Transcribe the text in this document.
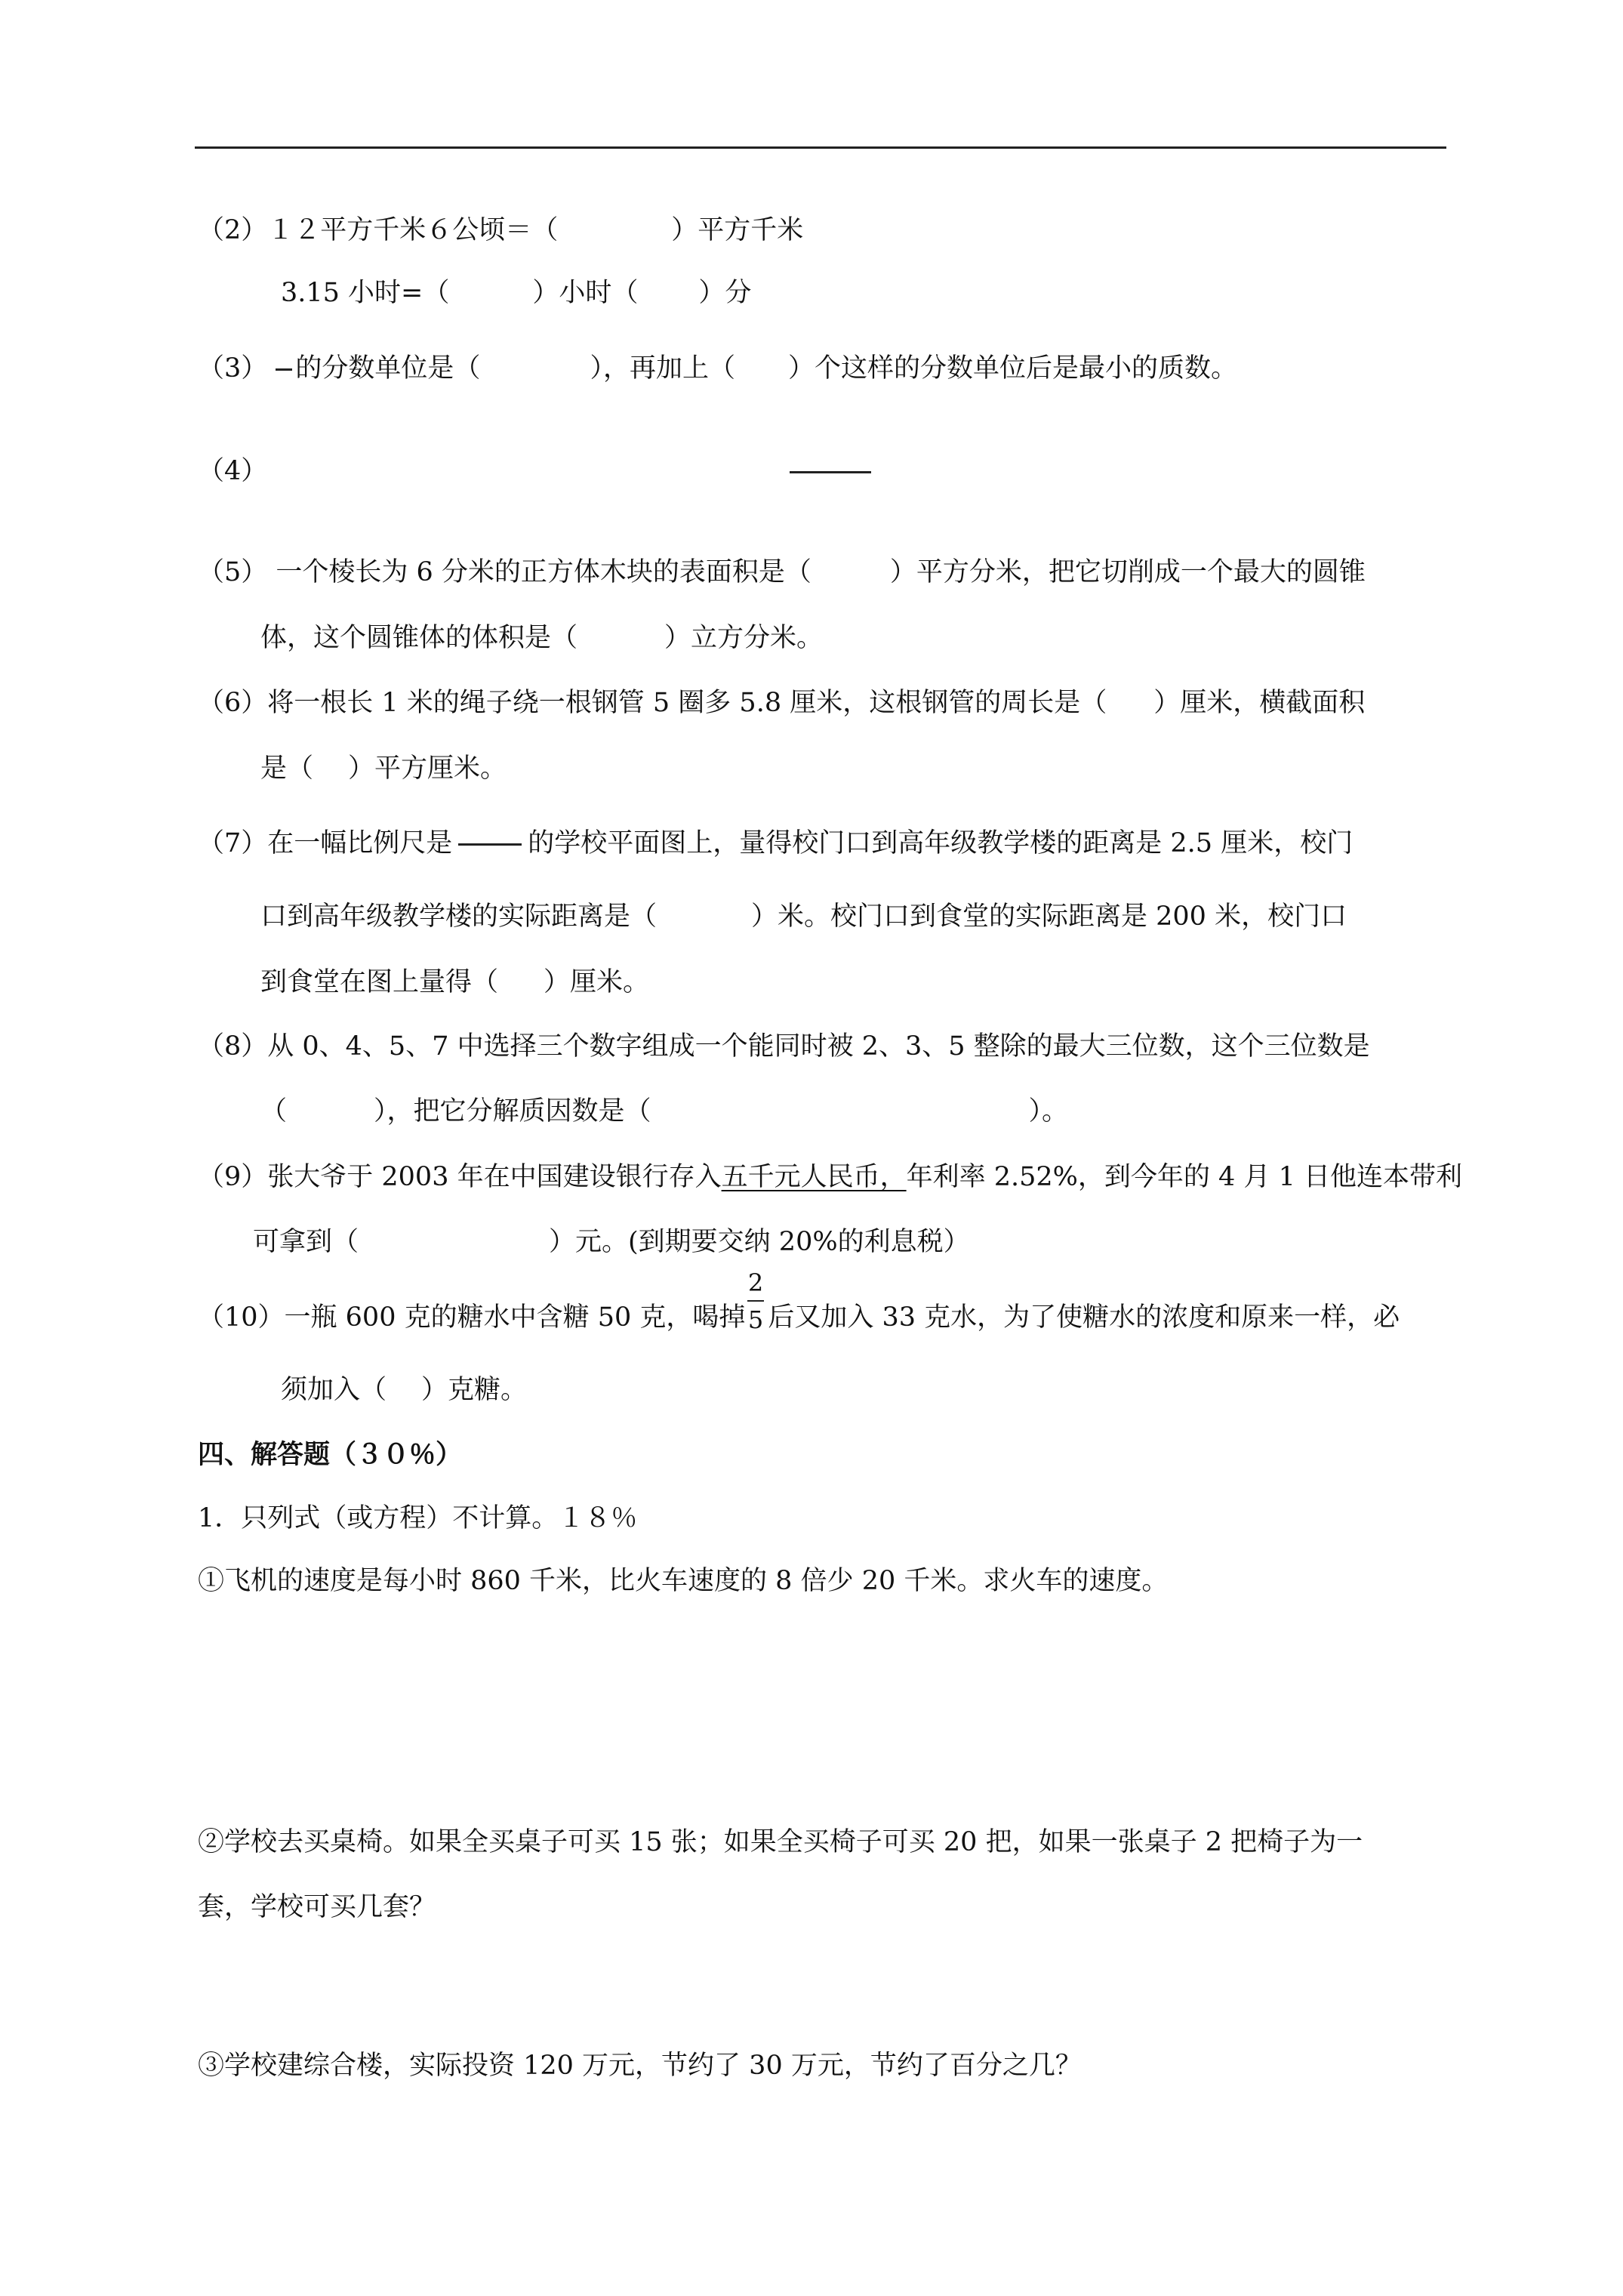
（2）１２平方千米６公顷＝（	）平方千米
3.15 小时=（	）小时（ ）分
（3） 的分数单位是（	），再加上（ ）个这样的分数单位后是最小的质数。
（4）
（5） 一个棱长为 6 分米的正方体木块的表面积是（	）平方分米，把它切削成一个最大的圆锥
体，这个圆锥体的体积是（	）立方分米。
（6）将一根长 1 米的绳子绕一根钢管 5 圈多 5.8 厘米，这根钢管的周长是（ ）厘米，横截面积
是（ ）平方厘米。
（7）在一幅比例尺是	的学校平面图上，量得校门口到高年级教学楼的距离是 2.5 厘米，校门
口到高年级教学楼的实际距离是（	）米。校门口到食堂的实际距离是 200 米，校门口
到食堂在图上量得（ ）厘米。
（8）从 0、4、5、7 中选择三个数字组成一个能同时被 2、3、5 整除的最大三位数，这个三位数是
（	），把它分解质因数是（	）。
（9）张大爷于 2003 年在中国建设银行存入五千元人民币，年利率 2.52%，到今年的 4 月 1 日他连本带利
可拿到（	）元。(到期要交纳 20%的利息税）
（10）一瓶 600 克的糖水中含糖 50 克，喝掉 后又加入 33 克水，为了使糖水的浓度和原来一样，必
2
5
须加入（ ）克糖。
四、解答题（３０％）
1．只列式（或方程）不计算。１８％
①飞机的速度是每小时 860 千米，比火车速度的 8 倍少 20 千米。求火车的速度。
②学校去买桌椅。如果全买桌子可买 15 张；如果全买椅子可买 20 把，如果一张桌子 2 把椅子为一
套，学校可买几套？
③学校建综合楼，实际投资 120 万元，节约了 30 万元，节约了百分之几？
